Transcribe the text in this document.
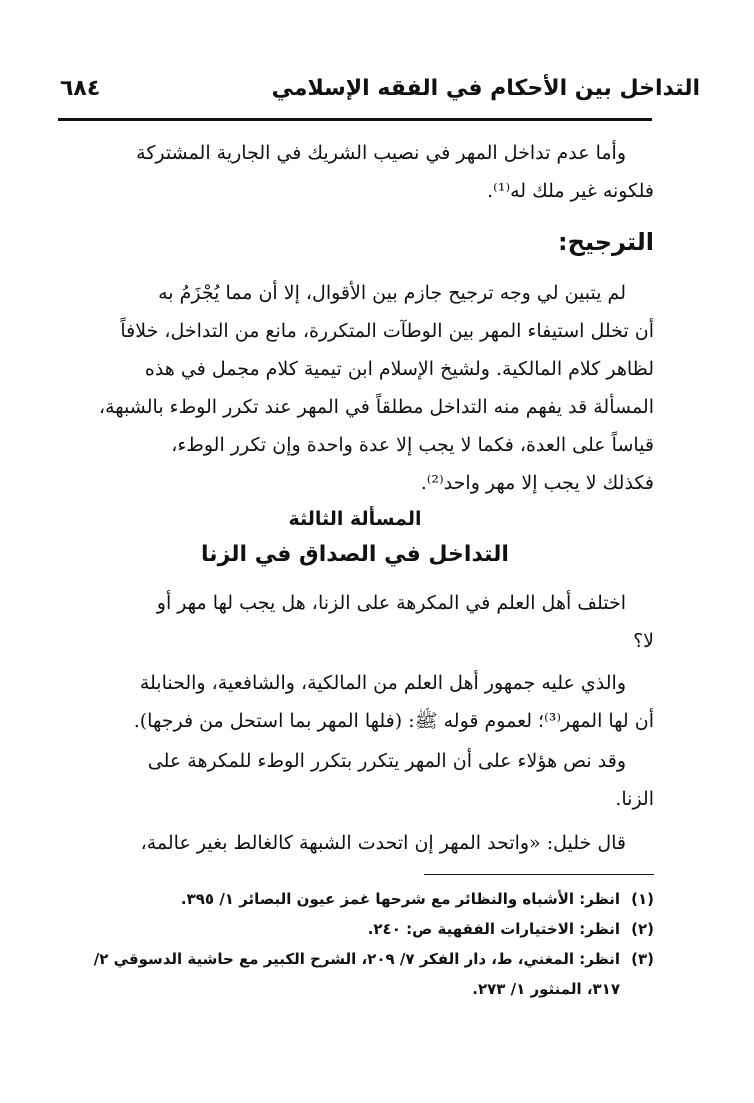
التداخل بين الأحكام في الفقه الإسلامي
٦٨٤
وأما عدم تداخل المهر في نصيب الشريك في الجارية المشتركة
فلكونه غير ملك له⁽¹⁾.
الترجيح:
لم يتبين لي وجه ترجيح جازم بين الأقوال، إلا أن مما يُجْزَمُ به
أن تخلل استيفاء المهر بين الوطآت المتكررة، مانع من التداخل، خلافاً
لظاهر كلام المالكية. ولشيخ الإسلام ابن تيمية كلام مجمل في هذه
المسألة قد يفهم منه التداخل مطلقاً في المهر عند تكرر الوطء بالشبهة،
قياساً على العدة، فكما لا يجب إلا عدة واحدة وإن تكرر الوطء،
فكذلك لا يجب إلا مهر واحد⁽²⁾.
المسألة الثالثة
التداخل في الصداق في الزنا
اختلف أهل العلم في المكرهة على الزنا، هل يجب لها مهر أو
لا؟
والذي عليه جمهور أهل العلم من المالكية، والشافعية، والحنابلة
أن لها المهر⁽³⁾؛ لعموم قوله ﷺ: (فلها المهر بما استحل من فرجها).
وقد نص هؤلاء على أن المهر يتكرر بتكرر الوطء للمكرهة على
الزنا.
قال خليل: «واتحد المهر إن اتحدت الشبهة كالغالط بغير عالمة،
(١)انظر: الأشباه والنظائر مع شرحها غمز عيون البصائر ١/ ٣٩٥.
(٢)انظر: الاختيارات الفقهية ص: ٢٤٠.
(٣)انظر: المغني، ط، دار الفكر ٧/ ٢٠٩، الشرح الكبير مع حاشية الدسوقي ٢/
٣١٧، المنثور ١/ ٢٧٣.
